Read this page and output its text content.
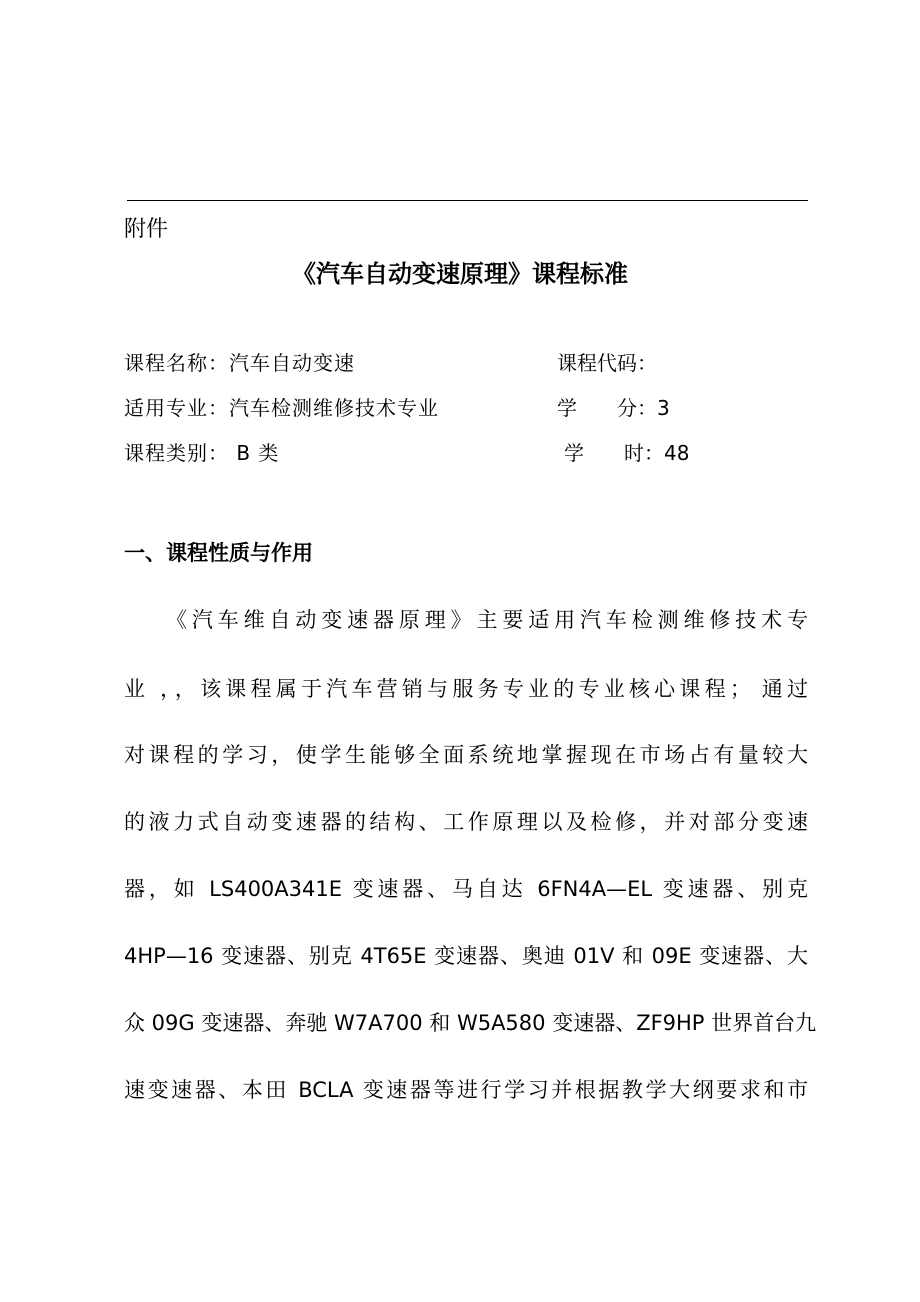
附件
《汽车自动变速原理》课程标准
课程名称：汽车自动变速	课程代码：
适用专业：汽车检测维修技术专业	学　　分：3
课程类别： B 类	学　　时：48
一、课程性质与作用
《汽车维自动变速器原理》主要适用汽车检测维修技术专
业 ，，该课程属于汽车营销与服务专业的专业核心课程； 通过
对课程的学习，使学生能够全面系统地掌握现在市场占有量较大
的液力式自动变速器的结构、工作原理以及检修，并对部分变速
器，如 LS400A341E 变速器、马自达 6FN4A—EL 变速器、别克
4HP—16 变速器、别克 4T65E 变速器、奥迪 01V 和 09E 变速器、大
众 09G 变速器、奔驰 W7A700 和 W5A580 变速器、ZF9HP 世界首台九
速变速器、本田 BCLA 变速器等进行学习并根据教学大纲要求和市
